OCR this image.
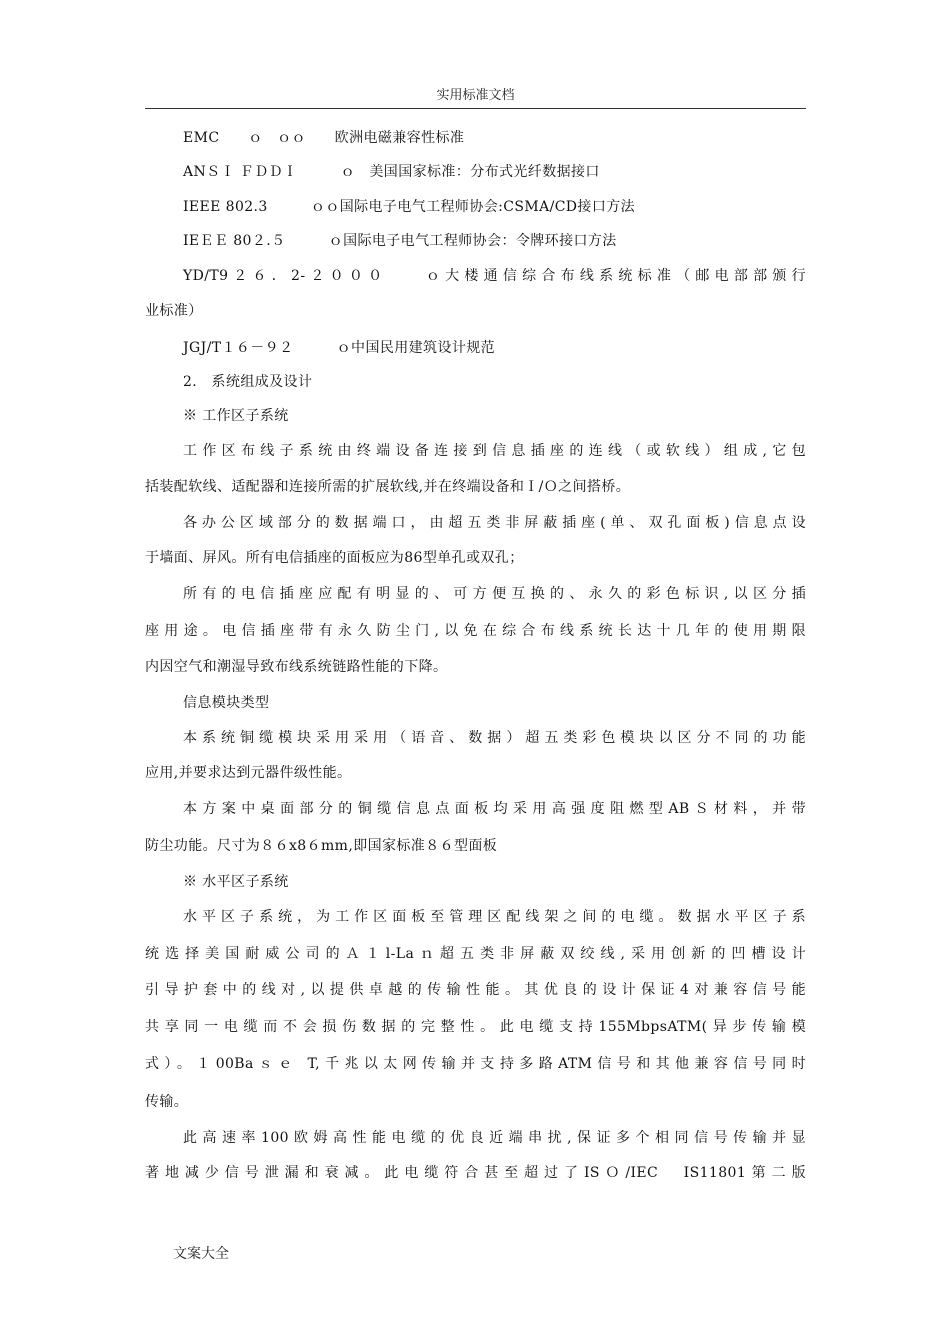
实用标准文档
EMC　　ｏ　ｏｏ　　欧洲电磁兼容性标准
ANＳＩ ＦＤＤＩ　　　ｏ　美国国家标准：分布式光纤数据接口
IEEE 802.3　　　ｏｏ国际电子电气工程师协会:CSMA/CD接口方法
IEＥＥ 80２.５　　　ｏ国际电子电气工程师协会：令牌环接口方法
YD/T9２６．2-２０００　　ｏ大楼通信综合布线系统标准（邮电部部颁行
业标准）
JGJ/T１６－９２　　　ｏ中国民用建筑设计规范
2.　系统组成及设计
※ 工作区子系统
工作区布线子系统由终端设备连接到信息插座的连线（或软线）组成,它包
括装配软线、适配器和连接所需的扩展软线,并在终端设备和Ｉ/Ｏ之间搭桥。
各办公区域部分的数据端口，由超五类非屏蔽插座(单、双孔面板)信息点设
于墙面、屏风。所有电信插座的面板应为86型单孔或双孔；
所有的电信插座应配有明显的、可方便互换的、永久的彩色标识,以区分插
座用途。电信插座带有永久防尘门,以免在综合布线系统长达十几年的使用期限
内因空气和潮湿导致布线系统链路性能的下降。
信息模块类型
本系统铜缆模块采用采用（语音、数据）超五类彩色模块以区分不同的功能
应用,并要求达到元器件级性能。
本方案中桌面部分的铜缆信息点面板均采用高强度阻燃型ABＳ材料，并带
防尘功能。尺寸为８６x8６mm,即国家标准８６型面板
※ 水平区子系统
水平区子系统，为工作区面板至管理区配线架之间的电缆。数据水平区子系
统选择美国耐威公司的Ａ１l-Laｎ超五类非屏蔽双绞线,采用创新的凹槽设计
引导护套中的线对,以提供卓越的传输性能。其优良的设计保证4对兼容信号能
共享同一电缆而不会损伤数据的完整性。此电缆支持155MbpsATM(异步传输模
式）。１00Baｓｅ T,千兆以太网传输并支持多路ATM信号和其他兼容信号同时
传输。
此高速率100欧姆高性能电缆的优良近端串扰,保证多个相同信号传输并显
著地减少信号泄漏和衰减。此电缆符合甚至超过了ISＯ/IEC　IS11801第二版
文案大全
